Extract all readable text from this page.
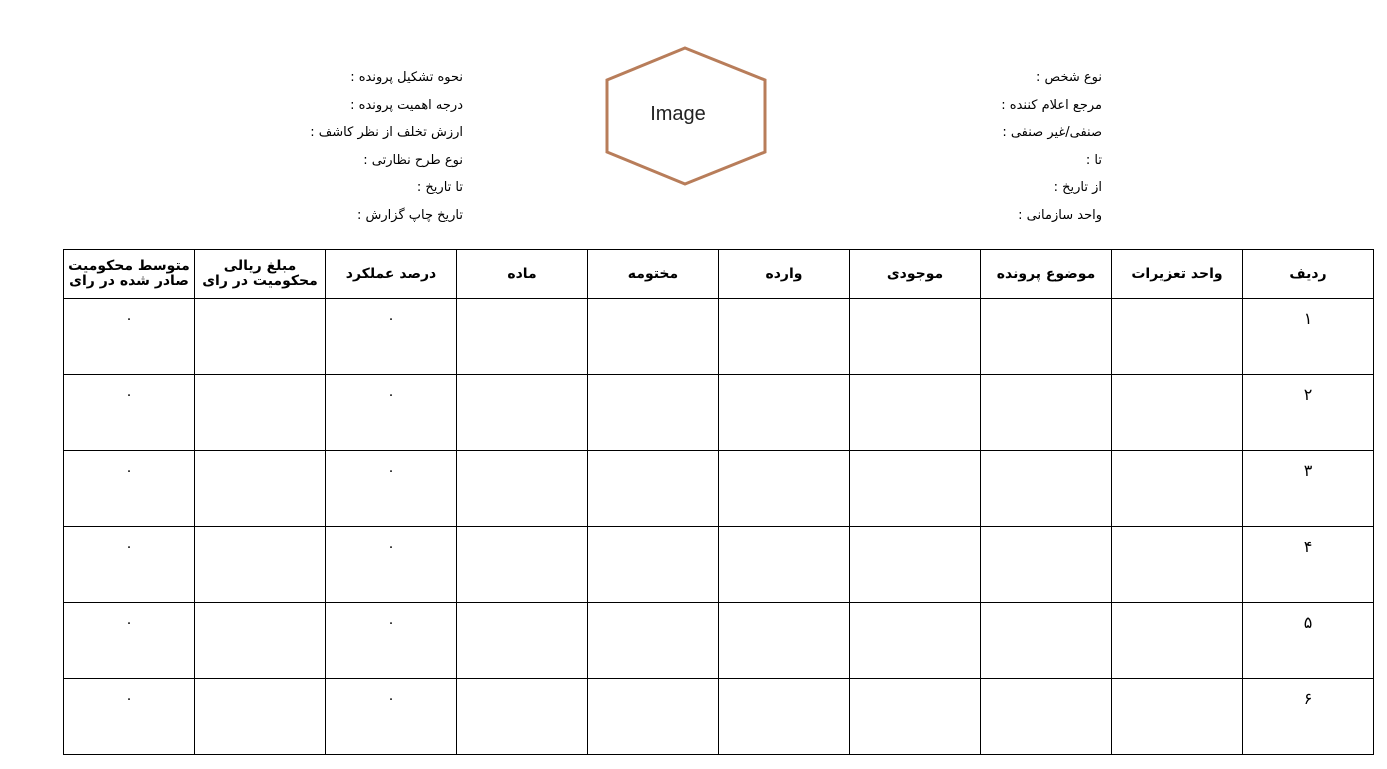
نحوه تشکیل پرونده :
درجه اهمیت پرونده :
ارزش تخلف از نظر کاشف :
نوع طرح نظارتی :
تا تاریخ :
تاریخ چاپ گزارش :
نوع شخص :
مرجع اعلام کننده :
صنفی/غیر صنفی :
تا :
از تاریخ :
واحد سازمانی :
Image
ردیف	واحد تعزیرات	موضوع پرونده	موجودی	وارده	مختومه	ماده	درصد عملکرد	مبلغ ریالی محکومیت در رای	متوسط محکومیت صادر شده در رای
۱							۰		۰
۲							۰		۰
۳							۰		۰
۴							۰		۰
۵							۰		۰
۶							۰		۰
